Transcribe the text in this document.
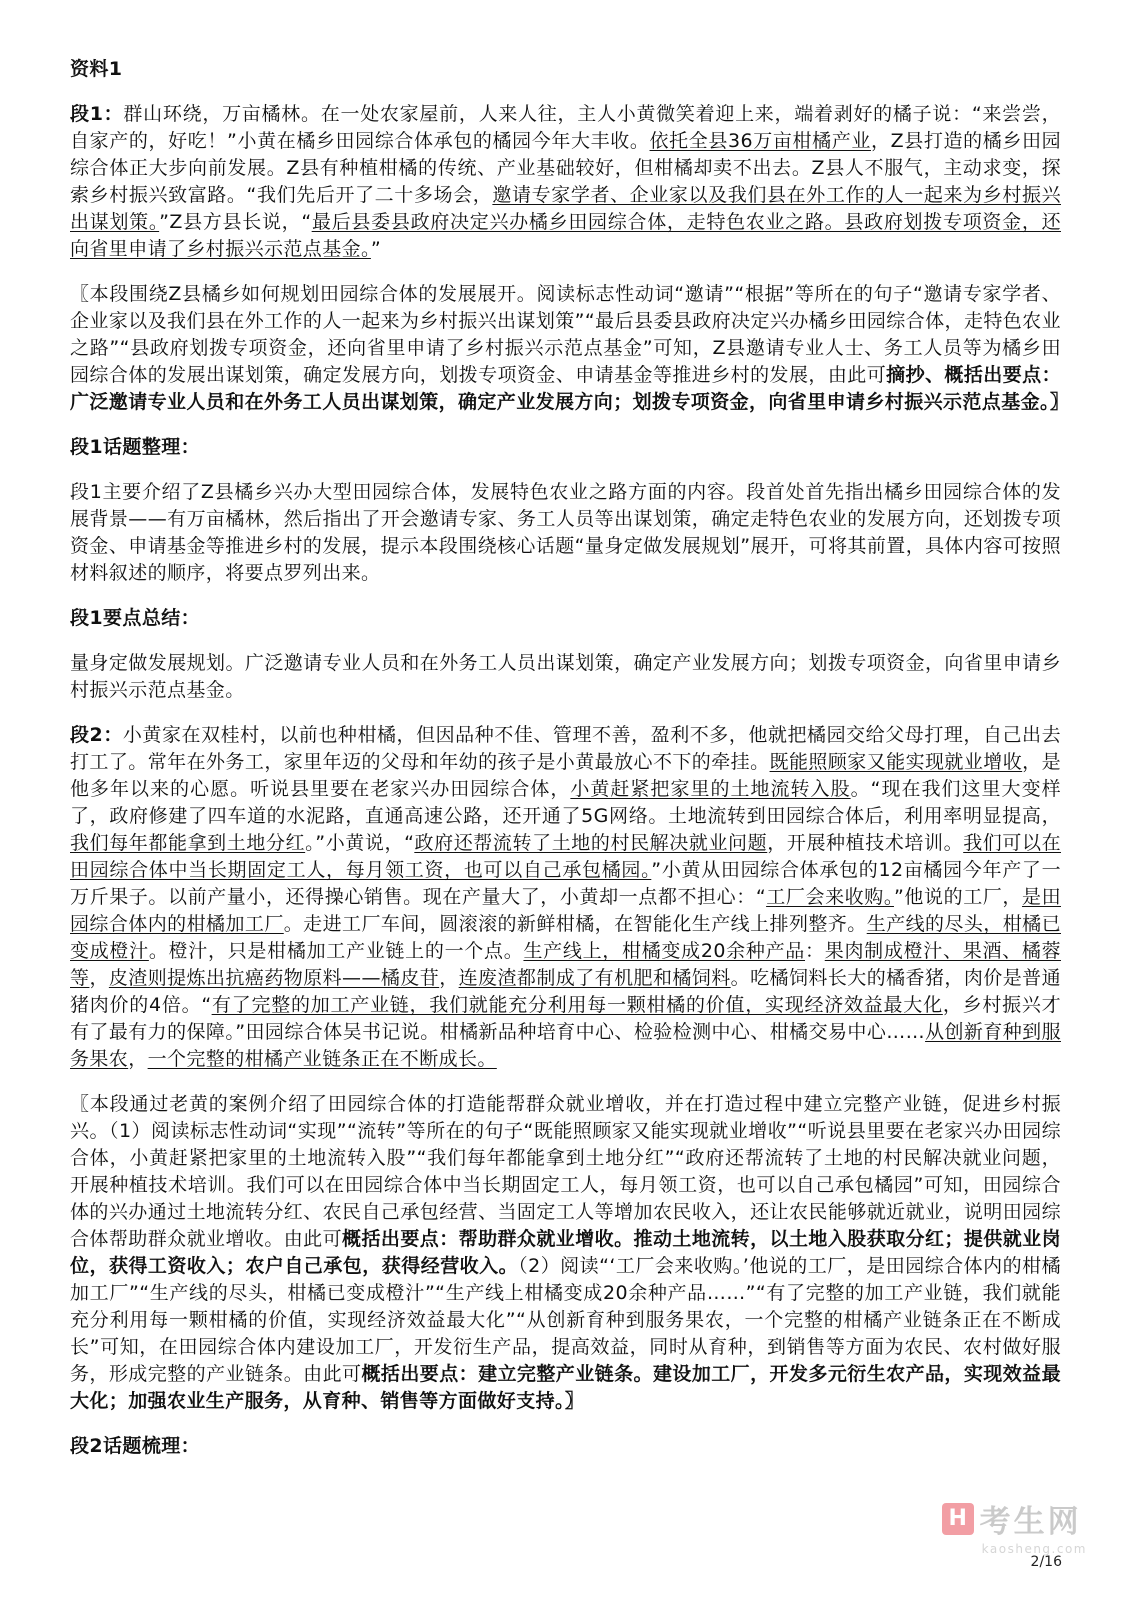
资料1
段1：群山环绕，万亩橘林。在一处农家屋前，人来人往，主人小黄微笑着迎上来，端着剥好的橘子说：“来尝尝，自家产的，好吃！”小黄在橘乡田园综合体承包的橘园今年大丰收。依托全县36万亩柑橘产业，Z县打造的橘乡田园综合体正大步向前发展。Z县有种植柑橘的传统、产业基础较好，但柑橘却卖不出去。Z县人不服气，主动求变，探索乡村振兴致富路。“我们先后开了二十多场会，邀请专家学者、企业家以及我们县在外工作的人一起来为乡村振兴出谋划策。”Z县方县长说，“最后县委县政府决定兴办橘乡田园综合体，走特色农业之路。县政府划拨专项资金，还向省里申请了乡村振兴示范点基金。”
〖本段围绕Z县橘乡如何规划田园综合体的发展展开。阅读标志性动词“邀请”“根据”等所在的句子“邀请专家学者、企业家以及我们县在外工作的人一起来为乡村振兴出谋划策”“最后县委县政府决定兴办橘乡田园综合体，走特色农业之路”“县政府划拨专项资金，还向省里申请了乡村振兴示范点基金”可知，Z县邀请专业人士、务工人员等为橘乡田园综合体的发展出谋划策，确定发展方向，划拨专项资金、申请基金等推进乡村的发展，由此可摘抄、概括出要点：广泛邀请专业人员和在外务工人员出谋划策，确定产业发展方向；划拨专项资金，向省里申请乡村振兴示范点基金。〗
段1话题整理：
段1主要介绍了Z县橘乡兴办大型田园综合体，发展特色农业之路方面的内容。段首处首先指出橘乡田园综合体的发展背景——有万亩橘林，然后指出了开会邀请专家、务工人员等出谋划策，确定走特色农业的发展方向，还划拨专项资金、申请基金等推进乡村的发展，提示本段围绕核心话题“量身定做发展规划”展开，可将其前置，具体内容可按照材料叙述的顺序，将要点罗列出来。
段1要点总结：
量身定做发展规划。广泛邀请专业人员和在外务工人员出谋划策，确定产业发展方向；划拨专项资金，向省里申请乡村振兴示范点基金。
段2：小黄家在双桂村，以前也种柑橘，但因品种不佳、管理不善，盈利不多，他就把橘园交给父母打理，自己出去打工了。常年在外务工，家里年迈的父母和年幼的孩子是小黄最放心不下的牵挂。既能照顾家又能实现就业增收，是他多年以来的心愿。听说县里要在老家兴办田园综合体，小黄赶紧把家里的土地流转入股。“现在我们这里大变样了，政府修建了四车道的水泥路，直通高速公路，还开通了5G网络。土地流转到田园综合体后，利用率明显提高，我们每年都能拿到土地分红。”小黄说，“政府还帮流转了土地的村民解决就业问题，开展种植技术培训。我们可以在田园综合体中当长期固定工人，每月领工资，也可以自己承包橘园。”小黄从田园综合体承包的12亩橘园今年产了一万斤果子。以前产量小，还得操心销售。现在产量大了，小黄却一点都不担心：“工厂会来收购。”他说的工厂，是田园综合体内的柑橘加工厂。走进工厂车间，圆滚滚的新鲜柑橘，在智能化生产线上排列整齐。生产线的尽头，柑橘已变成橙汁。橙汁，只是柑橘加工产业链上的一个点。生产线上，柑橘变成20余种产品：果肉制成橙汁、果酒、橘蓉等，皮渣则提炼出抗癌药物原料——橘皮苷，连废渣都制成了有机肥和橘饲料。吃橘饲料长大的橘香猪，肉价是普通猪肉价的4倍。“有了完整的加工产业链，我们就能充分利用每一颗柑橘的价值，实现经济效益最大化，乡村振兴才有了最有力的保障。”田园综合体吴书记说。柑橘新品种培育中心、检验检测中心、柑橘交易中心……从创新育种到服务果农，一个完整的柑橘产业链条正在不断成长。
〖本段通过老黄的案例介绍了田园综合体的打造能帮群众就业增收，并在打造过程中建立完整产业链，促进乡村振兴。（1）阅读标志性动词“实现”“流转”等所在的句子“既能照顾家又能实现就业增收”“听说县里要在老家兴办田园综合体，小黄赶紧把家里的土地流转入股”“我们每年都能拿到土地分红”“政府还帮流转了土地的村民解决就业问题，开展种植技术培训。我们可以在田园综合体中当长期固定工人，每月领工资，也可以自己承包橘园”可知，田园综合体的兴办通过土地流转分红、农民自己承包经营、当固定工人等增加农民收入，还让农民能够就近就业，说明田园综合体帮助群众就业增收。由此可概括出要点：帮助群众就业增收。推动土地流转，以土地入股获取分红；提供就业岗位，获得工资收入；农户自己承包，获得经营收入。（2）阅读“‘工厂会来收购。’他说的工厂，是田园综合体内的柑橘加工厂”“生产线的尽头，柑橘已变成橙汁”“生产线上柑橘变成20余种产品……”“有了完整的加工产业链，我们就能充分利用每一颗柑橘的价值，实现经济效益最大化”“从创新育种到服务果农，一个完整的柑橘产业链条正在不断成长”可知，在田园综合体内建设加工厂，开发衍生产品，提高效益，同时从育种，到销售等方面为农民、农村做好服务，形成完整的产业链条。由此可概括出要点：建立完整产业链条。建设加工厂，开发多元衍生农产品，实现效益最大化；加强农业生产服务，从育种、销售等方面做好支持。〗
段2话题梳理：
H
考生网
kaosheng.com
2/16
